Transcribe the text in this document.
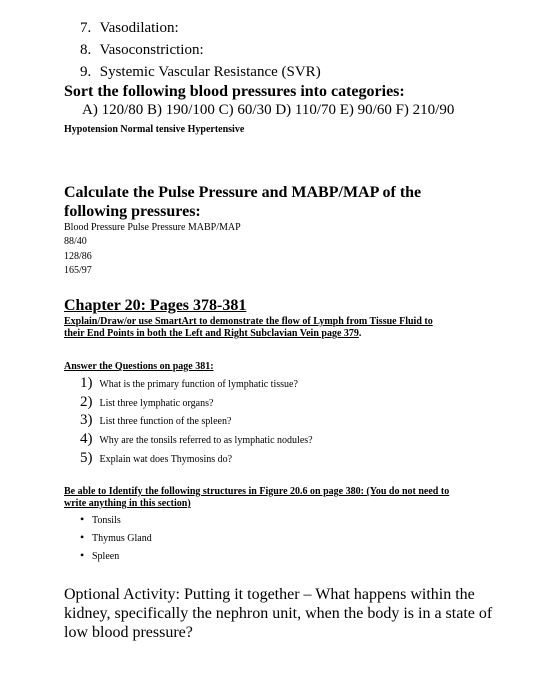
7. Vasodilation:
8. Vasoconstriction:
9. Systemic Vascular Resistance (SVR)
Sort the following blood pressures into categories:
A) 120/80 B) 190/100 C) 60/30 D) 110/70 E) 90/60 F) 210/90
Hypotension Normal tensive Hypertensive
Calculate the Pulse Pressure and MABP/MAP of the
following pressures:
Blood Pressure Pulse Pressure MABP/MAP
88/40
128/86
165/97
Chapter 20: Pages 378-381
Explain/Draw/or use SmartArt to demonstrate the flow of Lymph from Tissue Fluid to
their End Points in both the Left and Right Subclavian Vein page 379.
Answer the Questions on page 381:
1) What is the primary function of lymphatic tissue?
2) List three lymphatic organs?
3) List three function of the spleen?
4) Why are the tonsils referred to as lymphatic nodules?
5) Explain wat does Thymosins do?
Be able to Identify the following structures in Figure 20.6 on page 380: (You do not need to
write anything in this section)
• Tonsils
• Thymus Gland
• Spleen
Optional Activity: Putting it together – What happens within the kidney, specifically the nephron unit, when the body is in a state of low blood pressure?
